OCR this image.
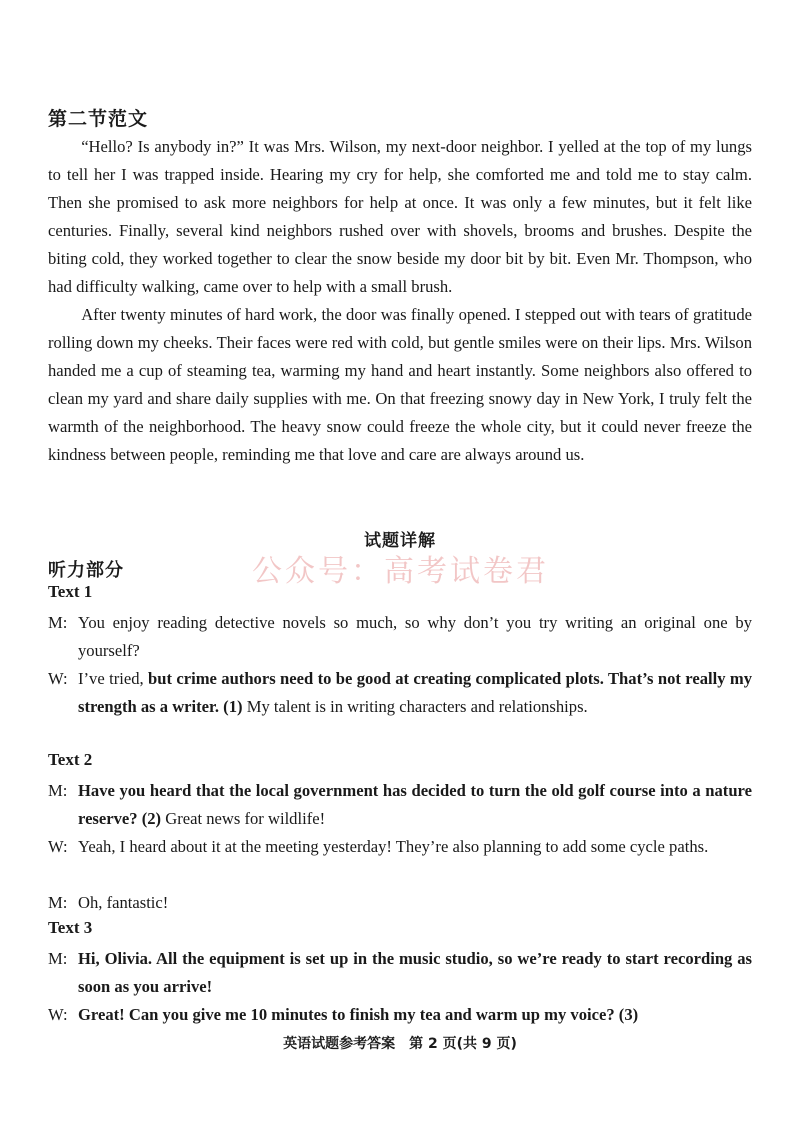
第二节范文

“Hello? Is anybody in?” It was Mrs. Wilson, my next-door neighbor. I yelled at the top of my lungs to tell her I was trapped inside. Hearing my cry for help, she comforted me and told me to stay calm. Then she promised to ask more neighbors for help at once. It was only a few minutes, but it felt like centuries. Finally, several kind neighbors rushed over with shovels, brooms and brushes. Despite the biting cold, they worked together to clear the snow beside my door bit by bit. Even Mr. Thompson, who had difficulty walking, came over to help with a small brush.

After twenty minutes of hard work, the door was finally opened. I stepped out with tears of gratitude rolling down my cheeks. Their faces were red with cold, but gentle smiles were on their lips. Mrs. Wilson handed me a cup of steaming tea, warming my hand and heart instantly. Some neighbors also offered to clean my yard and share daily supplies with me. On that freezing snowy day in New York, I truly felt the warmth of the neighborhood. The heavy snow could freeze the whole city, but it could never freeze the kindness between people, reminding me that love and care are always around us.

试题详解
听力部分	公众号：高考试卷君
Text 1
M: You enjoy reading detective novels so much, so why don’t you try writing an original one by yourself?
W: I’ve tried, but crime authors need to be good at creating complicated plots. That’s not really my strength as a writer. (1) My talent is in writing characters and relationships.
Text 2
M: Have you heard that the local government has decided to turn the old golf course into a nature reserve? (2) Great news for wildlife!
W: Yeah, I heard about it at the meeting yesterday! They’re also planning to add some cycle paths.
M: Oh, fantastic!
Text 3
M: Hi, Olivia. All the equipment is set up in the music studio, so we’re ready to start recording as soon as you arrive!
W: Great! Can you give me 10 minutes to finish my tea and warm up my voice? (3)
英语试题参考答案　第 2 页(共 9 页)
